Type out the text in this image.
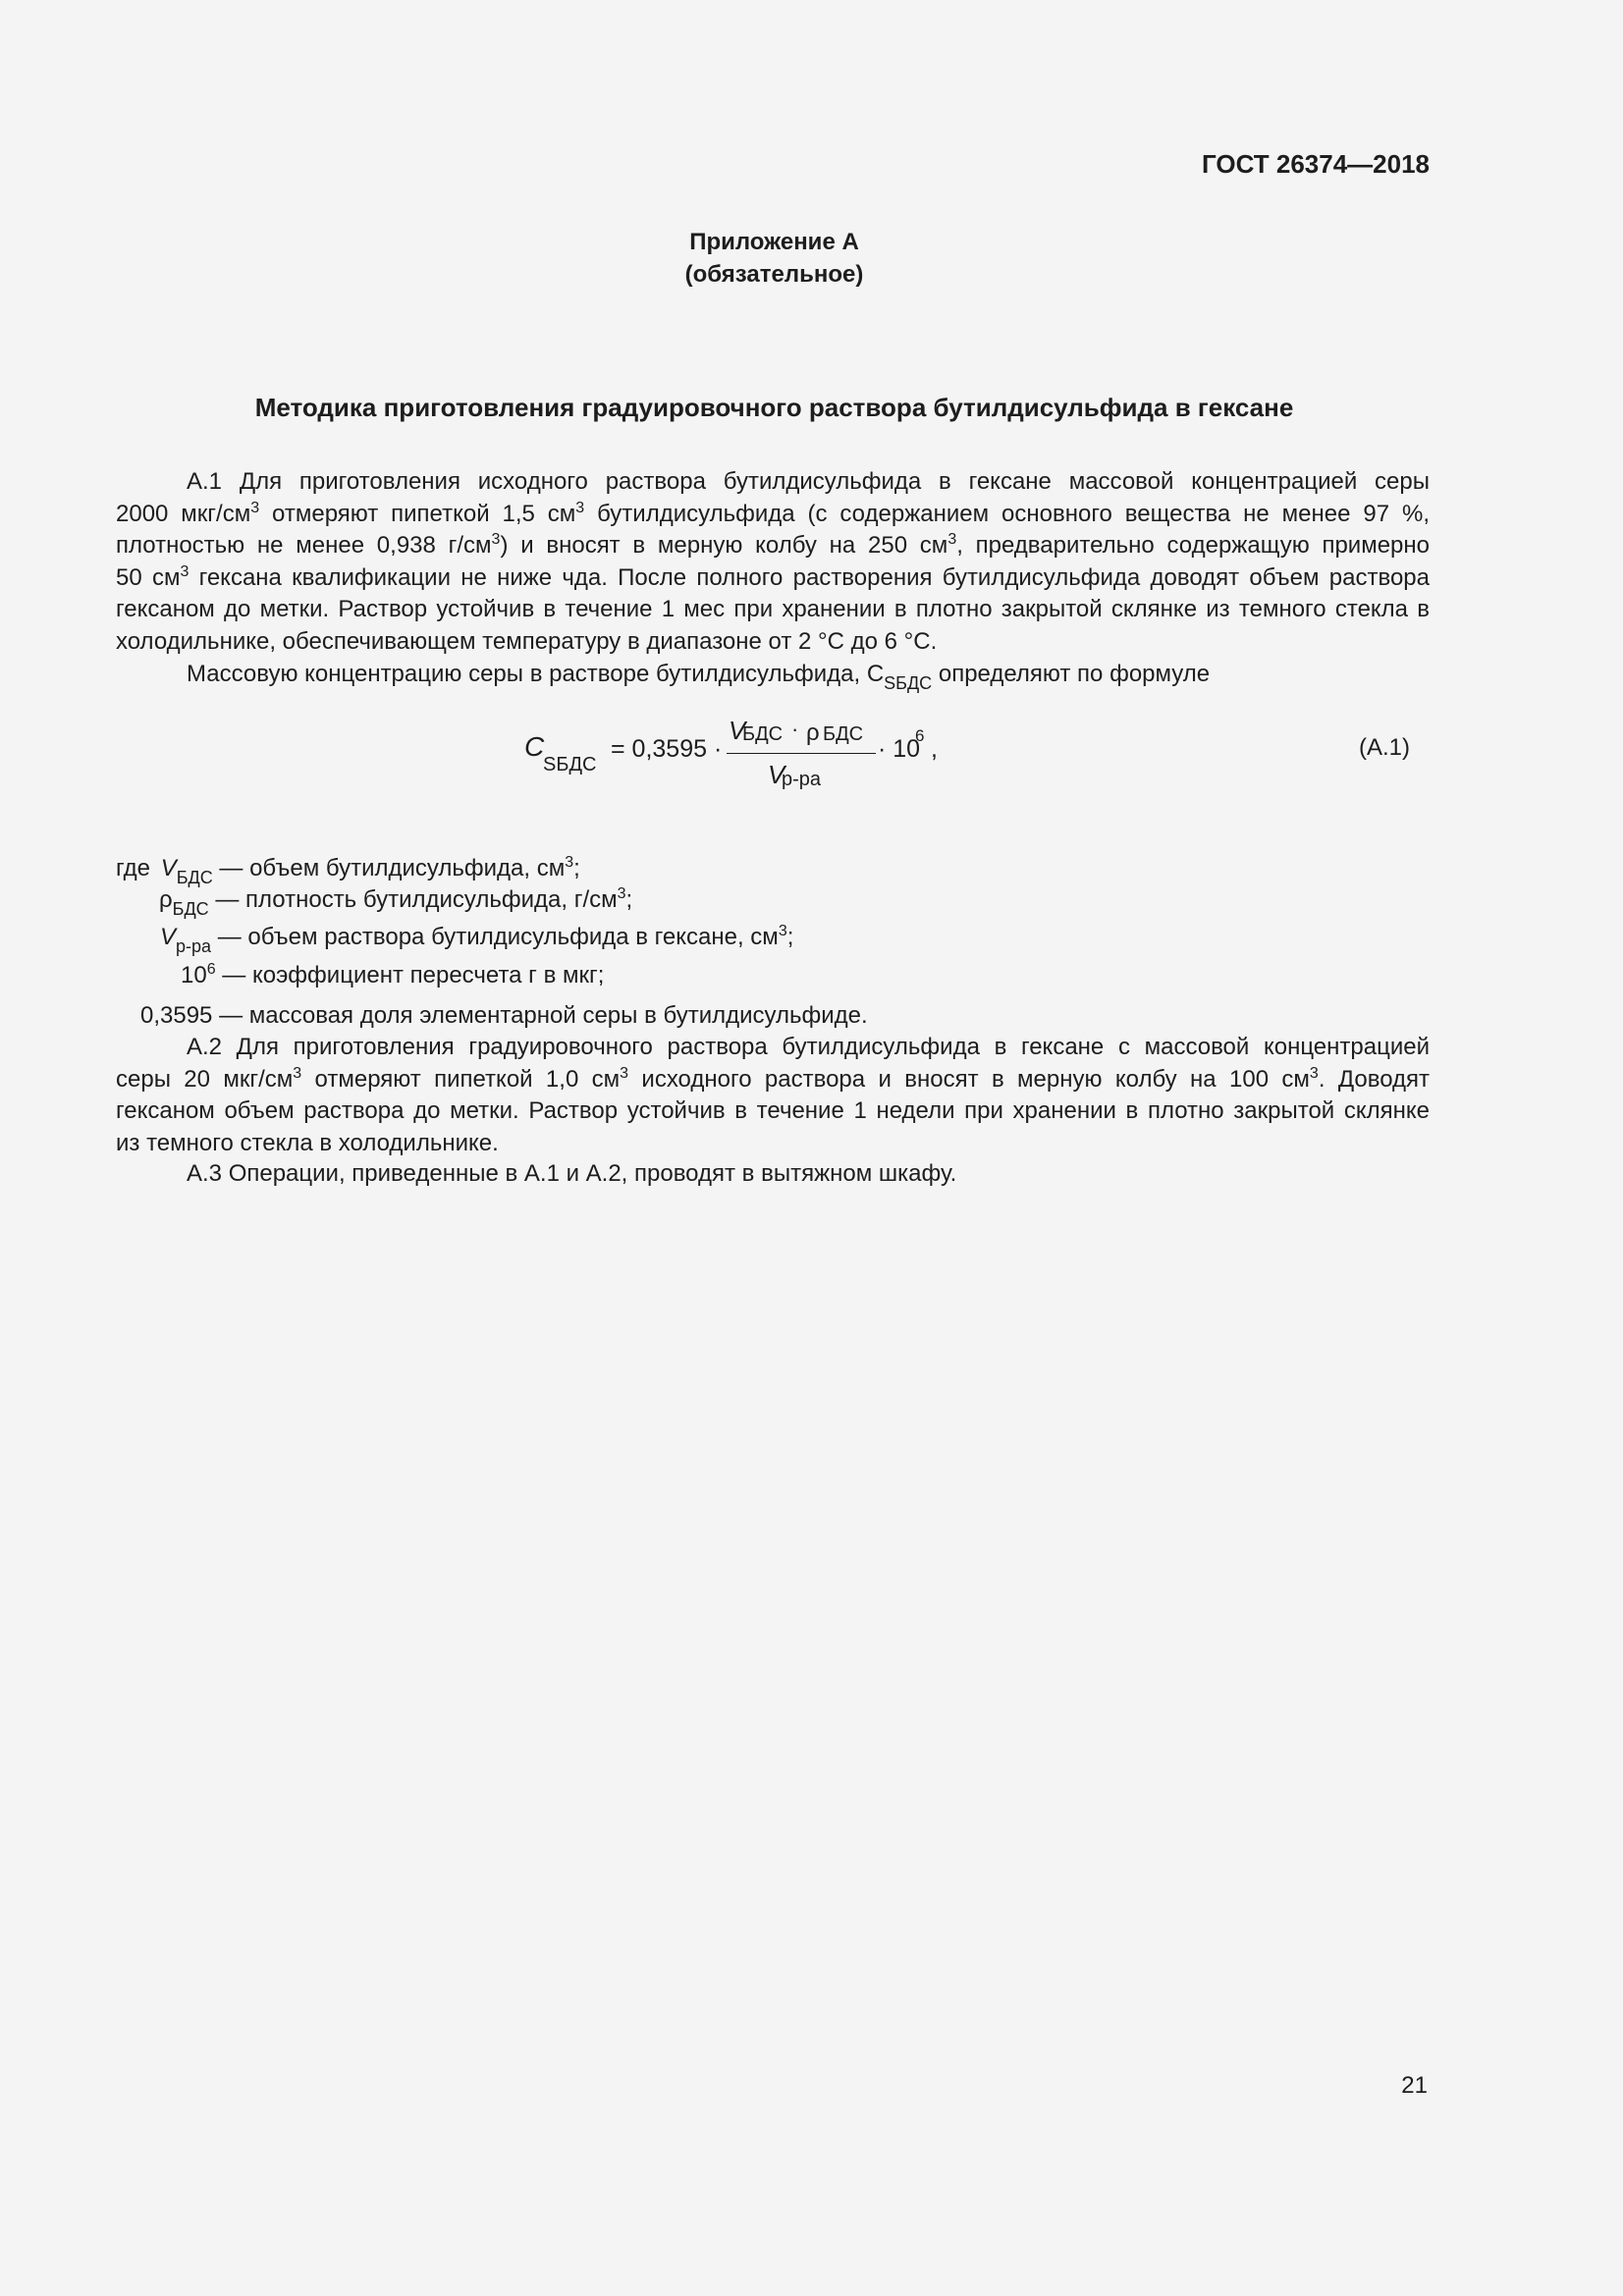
ГОСТ 26374—2018
Приложение А
(обязательное)
Методика приготовления градуировочного раствора бутилдисульфида в гексане

А.1 Для приготовления исходного раствора бутилдисульфида в гексане массовой концентрацией серы
2000 мкг/$см^3$ отмеряют пипеткой 1,5 $см^3$ бутилдисульфида (с содержанием основного вещества не менее 97 %,
плотностью не менее 0,938 $г/см^3$) и вносят в мерную колбу на 250 $см^3$, предварительно содержащую примерно
50 $см^3$ гексана квалификации не ниже чда. После полного растворения бутилдисульфида доводят объем раствора
гексаном до метки. Раствор устойчив в течение 1 мес при хранении в плотно закрытой склянке из темного стекла в
холодильнике, обеспечивающем температуру в диапазоне от 2 °С до 6 °С.

Массовую концентрацию серы в растворе бутилдисульфида, $C_{SБДС}$ определяют по формуле
C
SБДС
= 0,3595 ·
V
БДС · ρ БДС
V
р-ра
· 10
6 ,	(А.1)
где $V_{БДС}$ — объем бутилдисульфида, $см^3$;
$\rho_{БДС}$ — плотность бутилдисульфида, $г/см^3$;
$V_{р-ра}$ — объем раствора бутилдисульфида в гексане, $см^3$;
$10^6$ — коэффициент пересчета г в мкг;
0,3595 — массовая доля элементарной серы в бутилдисульфиде.

А.2 Для приготовления градуировочного раствора бутилдисульфида в гексане с массовой концентрацией
серы 20 мкг/$см^3$ отмеряют пипеткой 1,0 $см^3$ исходного раствора и вносят в мерную колбу на 100 $см^3$. Доводят
гексаном объем раствора до метки. Раствор устойчив в течение 1 недели при хранении в плотно закрытой склянке
из темного стекла в холодильнике.

А.3 Операции, приведенные в А.1 и А.2, проводят в вытяжном шкафу.
21
